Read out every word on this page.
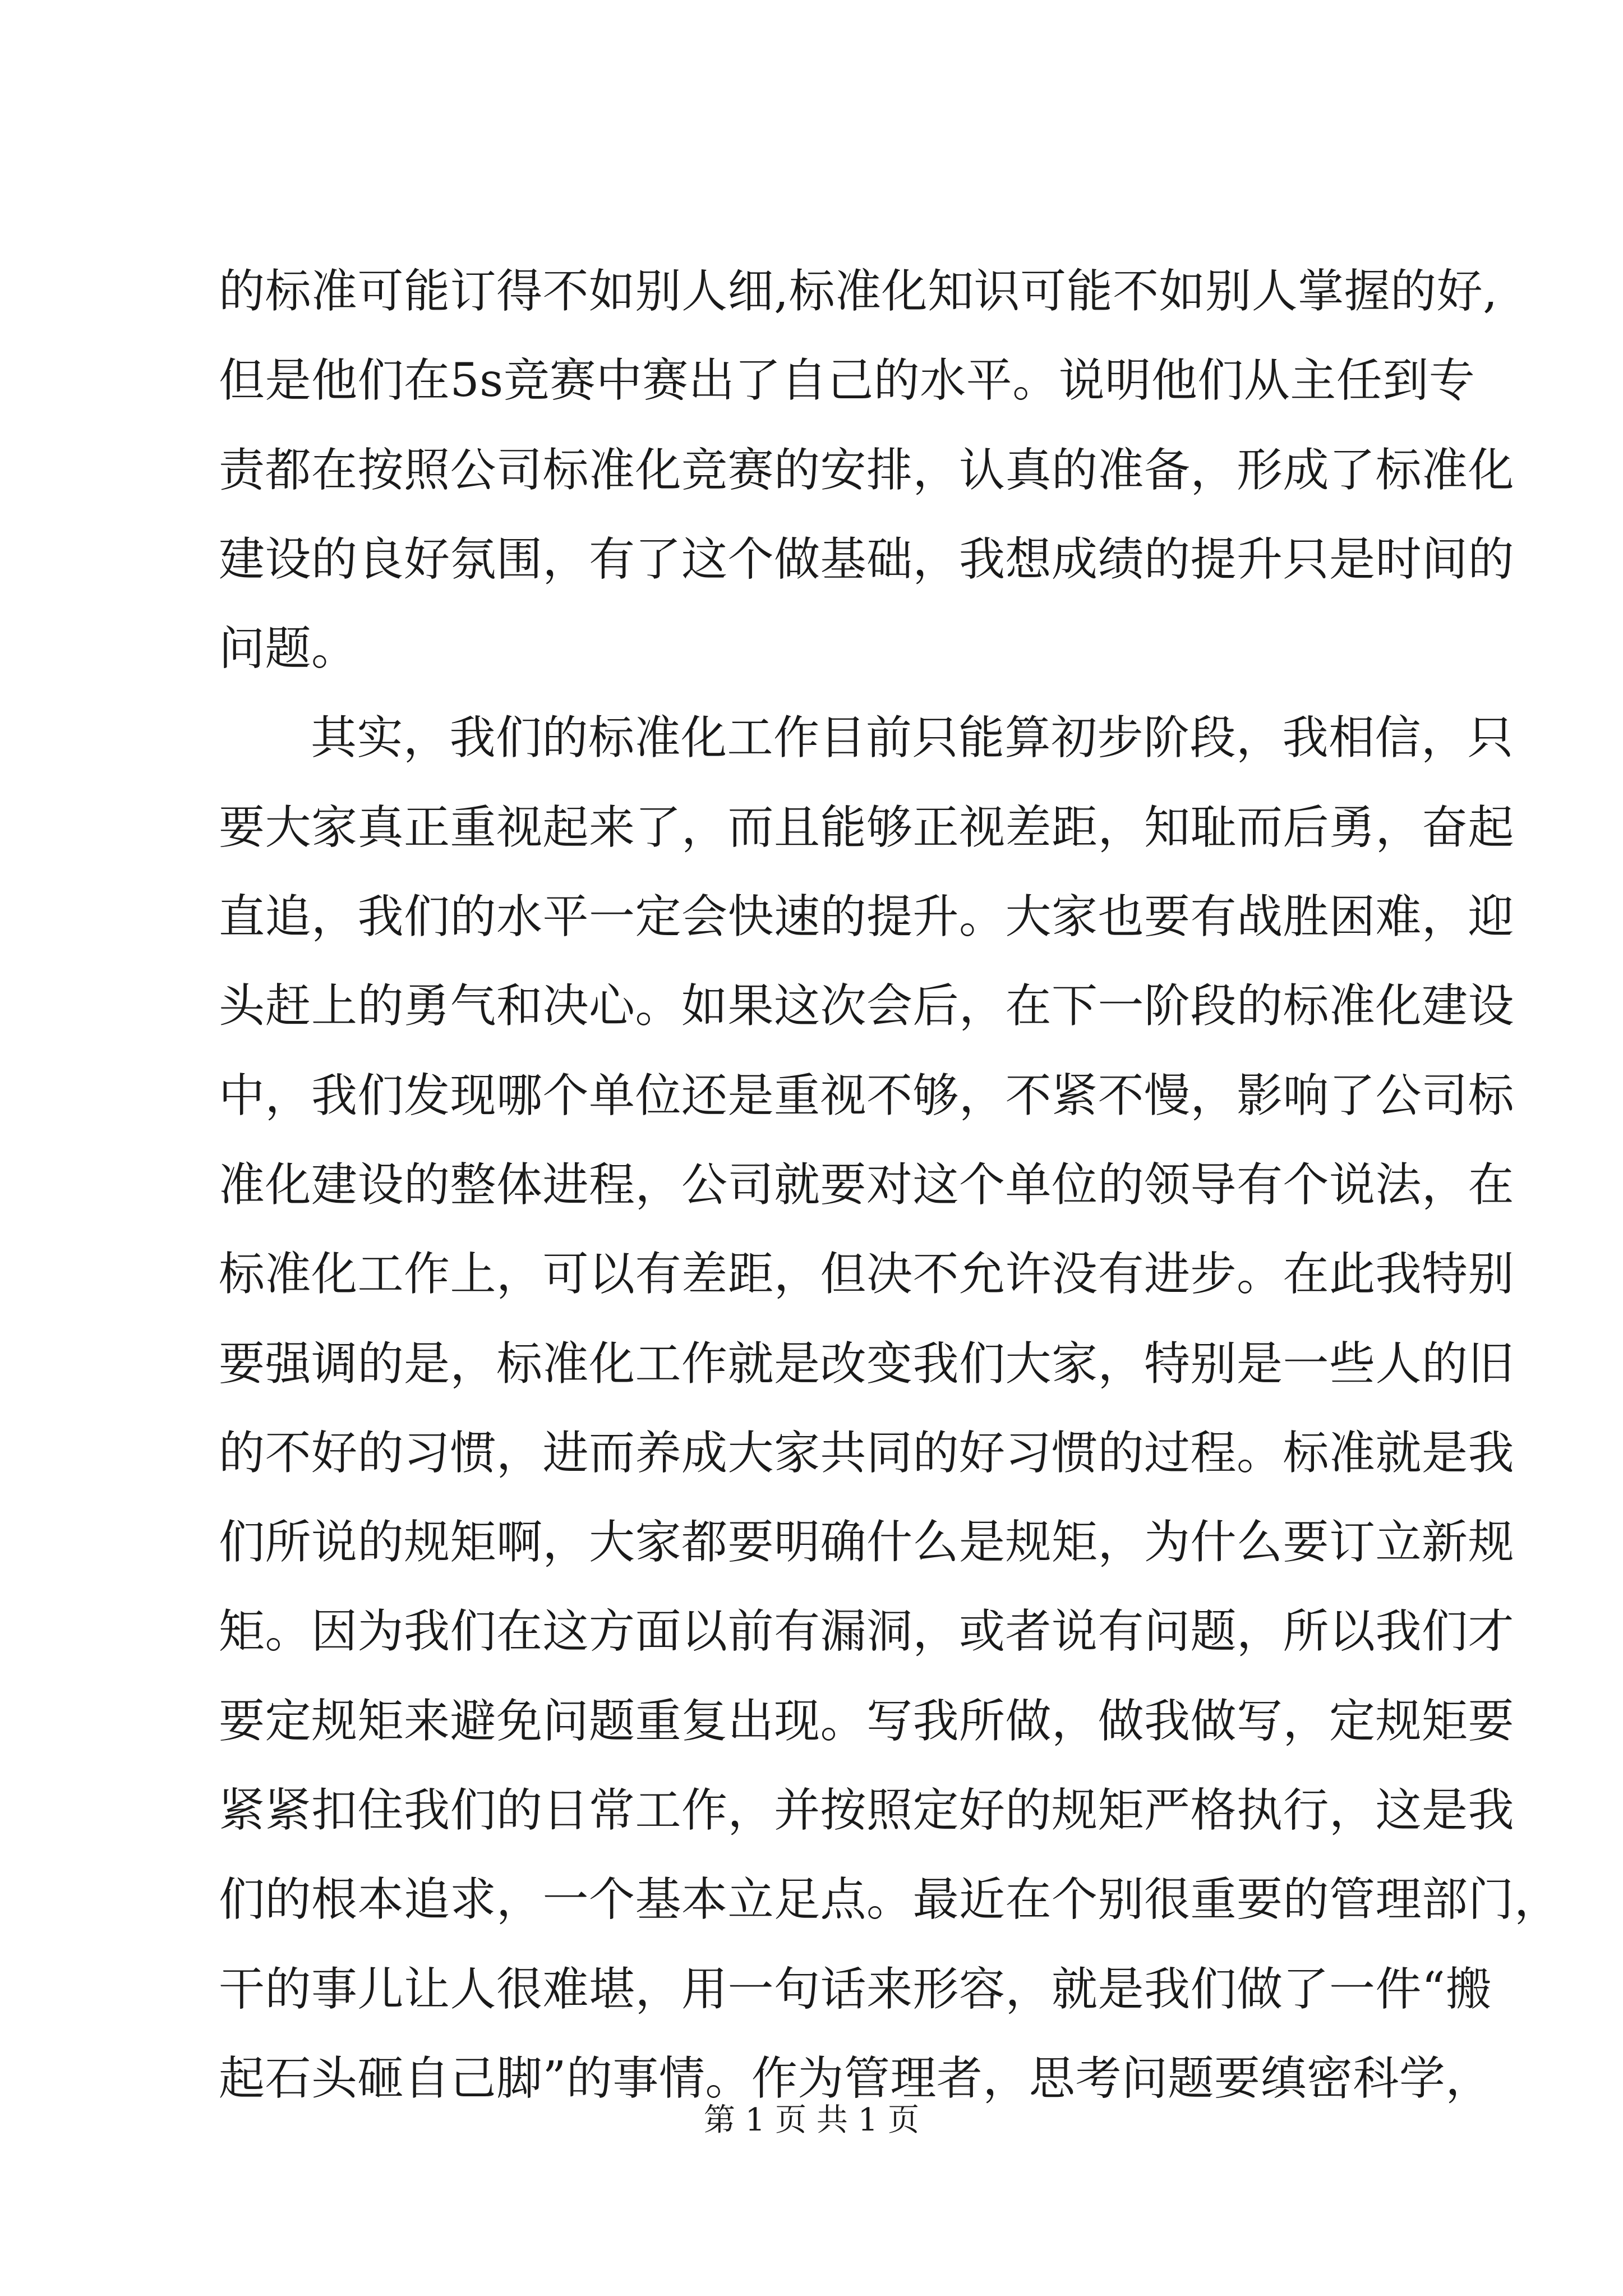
的标准可能订得不如别人细,标准化知识可能不如别人掌握的好,
但是他们在5s竞赛中赛出了自己的水平。说明他们从主任到专
责都在按照公司标准化竞赛的安排，认真的准备，形成了标准化
建设的良好氛围，有了这个做基础，我想成绩的提升只是时间的
问题。
其实，我们的标准化工作目前只能算初步阶段，我相信，只
要大家真正重视起来了，而且能够正视差距，知耻而后勇，奋起
直追，我们的水平一定会快速的提升。大家也要有战胜困难，迎
头赶上的勇气和决心。如果这次会后，在下一阶段的标准化建设
中，我们发现哪个单位还是重视不够，不紧不慢，影响了公司标
准化建设的整体进程，公司就要对这个单位的领导有个说法，在
标准化工作上，可以有差距，但决不允许没有进步。在此我特别
要强调的是，标准化工作就是改变我们大家，特别是一些人的旧
的不好的习惯，进而养成大家共同的好习惯的过程。标准就是我
们所说的规矩啊，大家都要明确什么是规矩，为什么要订立新规
矩。因为我们在这方面以前有漏洞，或者说有问题，所以我们才
要定规矩来避免问题重复出现。写我所做，做我做写，定规矩要
紧紧扣住我们的日常工作，并按照定好的规矩严格执行，这是我
们的根本追求，一个基本立足点。最近在个别很重要的管理部门，
干的事儿让人很难堪，用一句话来形容，就是我们做了一件“搬
起石头砸自己脚”的事情。作为管理者，思考问题要缜密科学，
第 1 页 共 1 页
